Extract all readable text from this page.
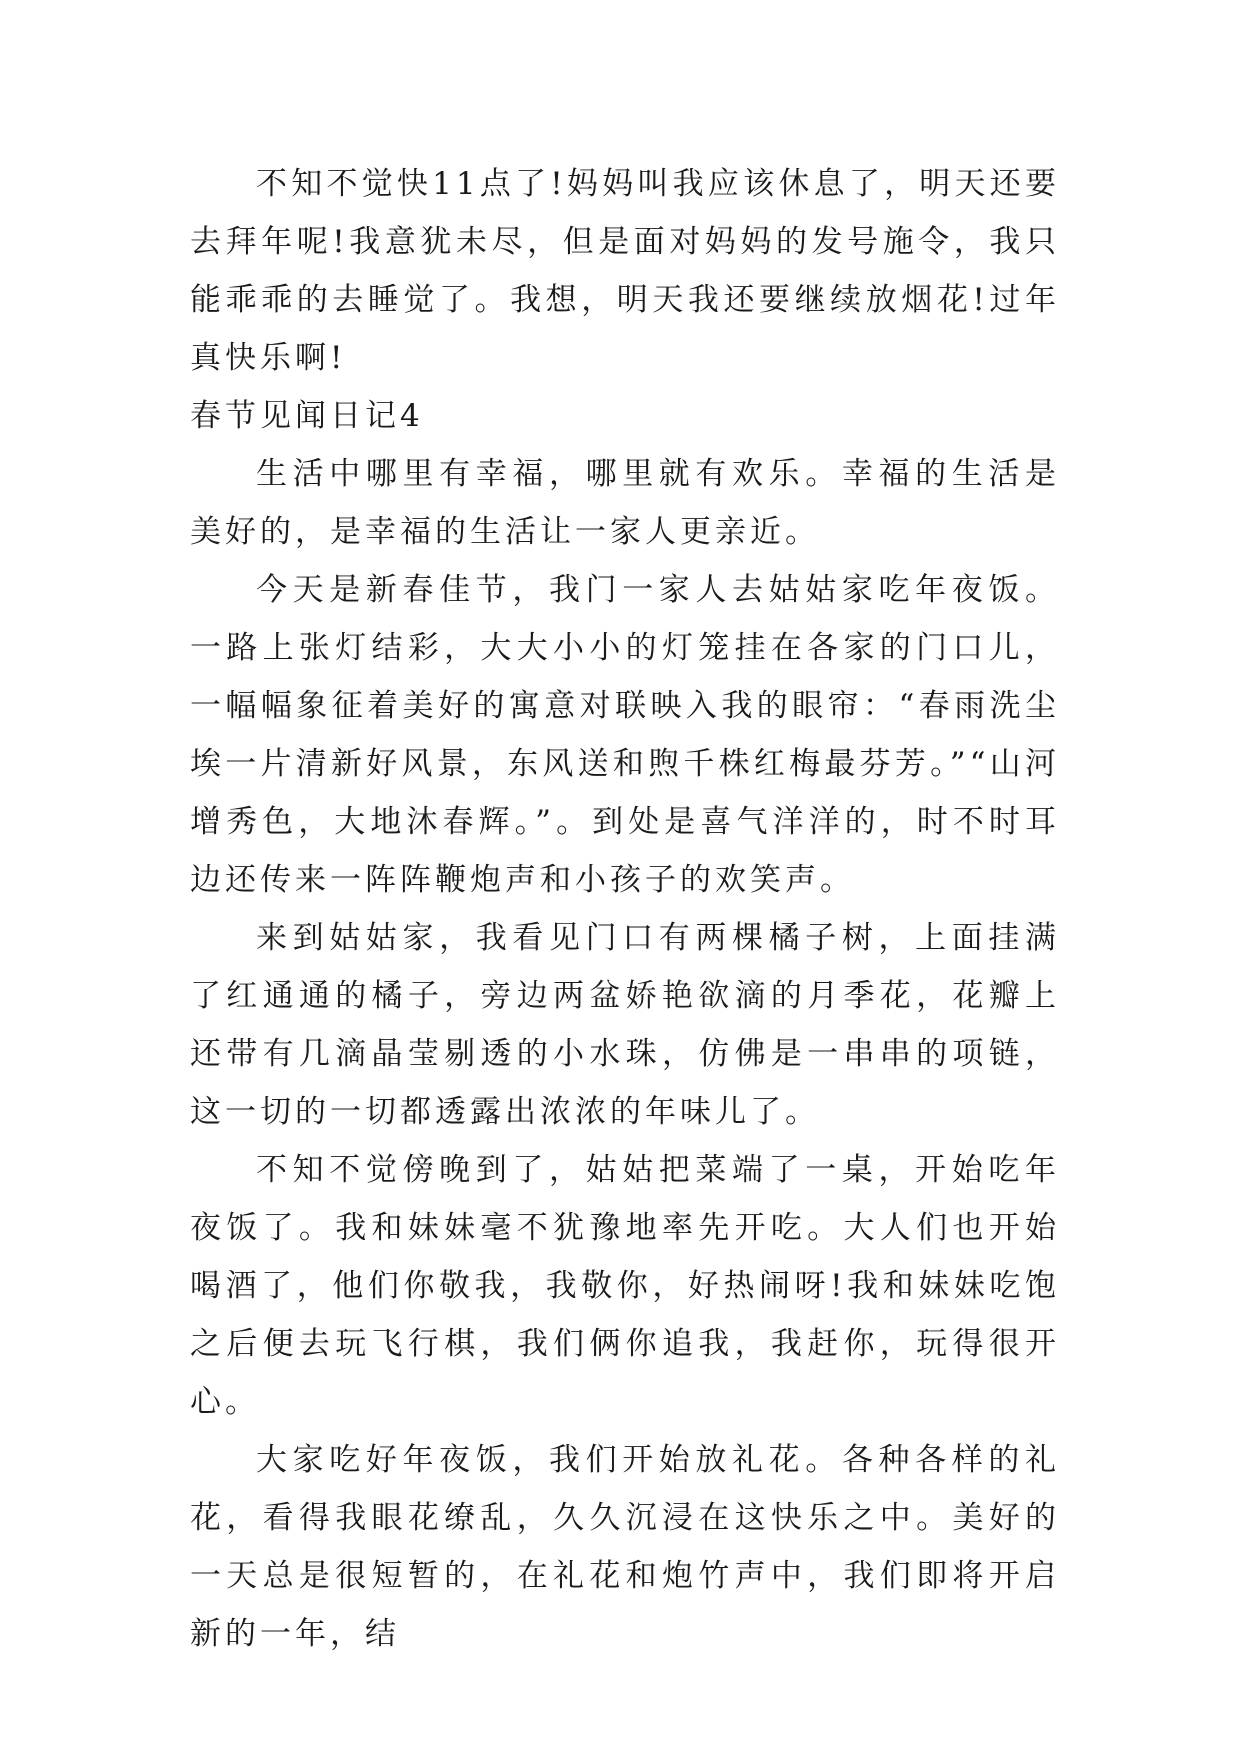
不知不觉快11点了!妈妈叫我应该休息了，明天还要去拜年呢!我意犹未尽，但是面对妈妈的发号施令，我只能乖乖的去睡觉了。我想，明天我还要继续放烟花!过年真快乐啊!

春节见闻日记4

生活中哪里有幸福，哪里就有欢乐。幸福的生活是美好的，是幸福的生活让一家人更亲近。

今天是新春佳节，我门一家人去姑姑家吃年夜饭。一路上张灯结彩，大大小小的灯笼挂在各家的门口儿，一幅幅象征着美好的寓意对联映入我的眼帘：“春雨洗尘埃一片清新好风景，东风送和煦千株红梅最芬芳。”“山河增秀色，大地沐春辉。”。到处是喜气洋洋的，时不时耳边还传来一阵阵鞭炮声和小孩子的欢笑声。

来到姑姑家，我看见门口有两棵橘子树，上面挂满了红通通的橘子，旁边两盆娇艳欲滴的月季花，花瓣上还带有几滴晶莹剔透的小水珠，仿佛是一串串的项链，这一切的一切都透露出浓浓的年味儿了。

不知不觉傍晚到了，姑姑把菜端了一桌，开始吃年夜饭了。我和妹妹毫不犹豫地率先开吃。大人们也开始喝酒了，他们你敬我，我敬你，好热闹呀!我和妹妹吃饱之后便去玩飞行棋，我们俩你追我，我赶你，玩得很开心。

大家吃好年夜饭，我们开始放礼花。各种各样的礼花，看得我眼花缭乱，久久沉浸在这快乐之中。美好的一天总是很短暂的，在礼花和炮竹声中，我们即将开启新的一年，结
